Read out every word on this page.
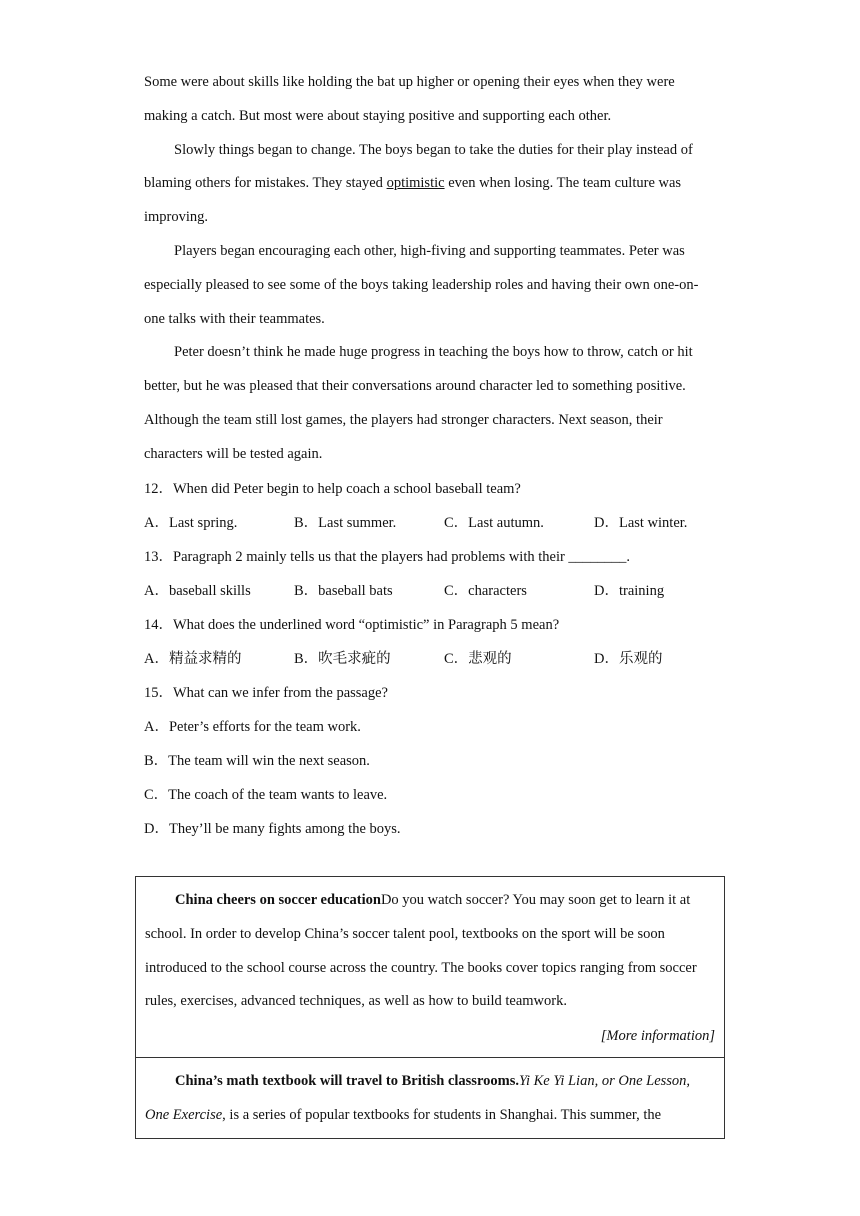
Some were about skills like holding the bat up higher or opening their eyes when they were making a catch. But most were about staying positive and supporting each other.
Slowly things began to change. The boys began to take the duties for their play instead of blaming others for mistakes. They stayed optimistic even when losing. The team culture was improving.
Players began encouraging each other, high-fiving and supporting teammates. Peter was especially pleased to see some of the boys taking leadership roles and having their own one-on-one talks with their teammates.
Peter doesn’t think he made huge progress in teaching the boys how to throw, catch or hit better, but he was pleased that their conversations around character led to something positive. Although the team still lost games, the players had stronger characters. Next season, their characters will be tested again.
12．When did Peter begin to help coach a school baseball team?
A．Last spring.	B．Last summer.	C．Last autumn.	D．Last winter.
13．Paragraph 2 mainly tells us that the players had problems with their ________.
A．baseball skills	B．baseball bats	C．characters	D．training
14．What does the underlined word “optimistic” in Paragraph 5 mean?
A．精益求精的	B．吹毛求疵的	C．悲观的	D．乐观的
15．What can we infer from the passage?
A．Peter’s efforts for the team work.
B．The team will win the next season.
C．The coach of the team wants to leave.
D．They’ll be many fights among the boys.
China cheers on soccer educationDo you watch soccer? You may soon get to learn it at school. In order to develop China’s soccer talent pool, textbooks on the sport will be soon introduced to the school course across the country. The books cover topics ranging from soccer rules, exercises, advanced techniques, as well as how to build teamwork.
[More information]
China’s math textbook will travel to British classrooms.Yi Ke Yi Lian, or One Lesson, One Exercise, is a series of popular textbooks for students in Shanghai. This summer, the
